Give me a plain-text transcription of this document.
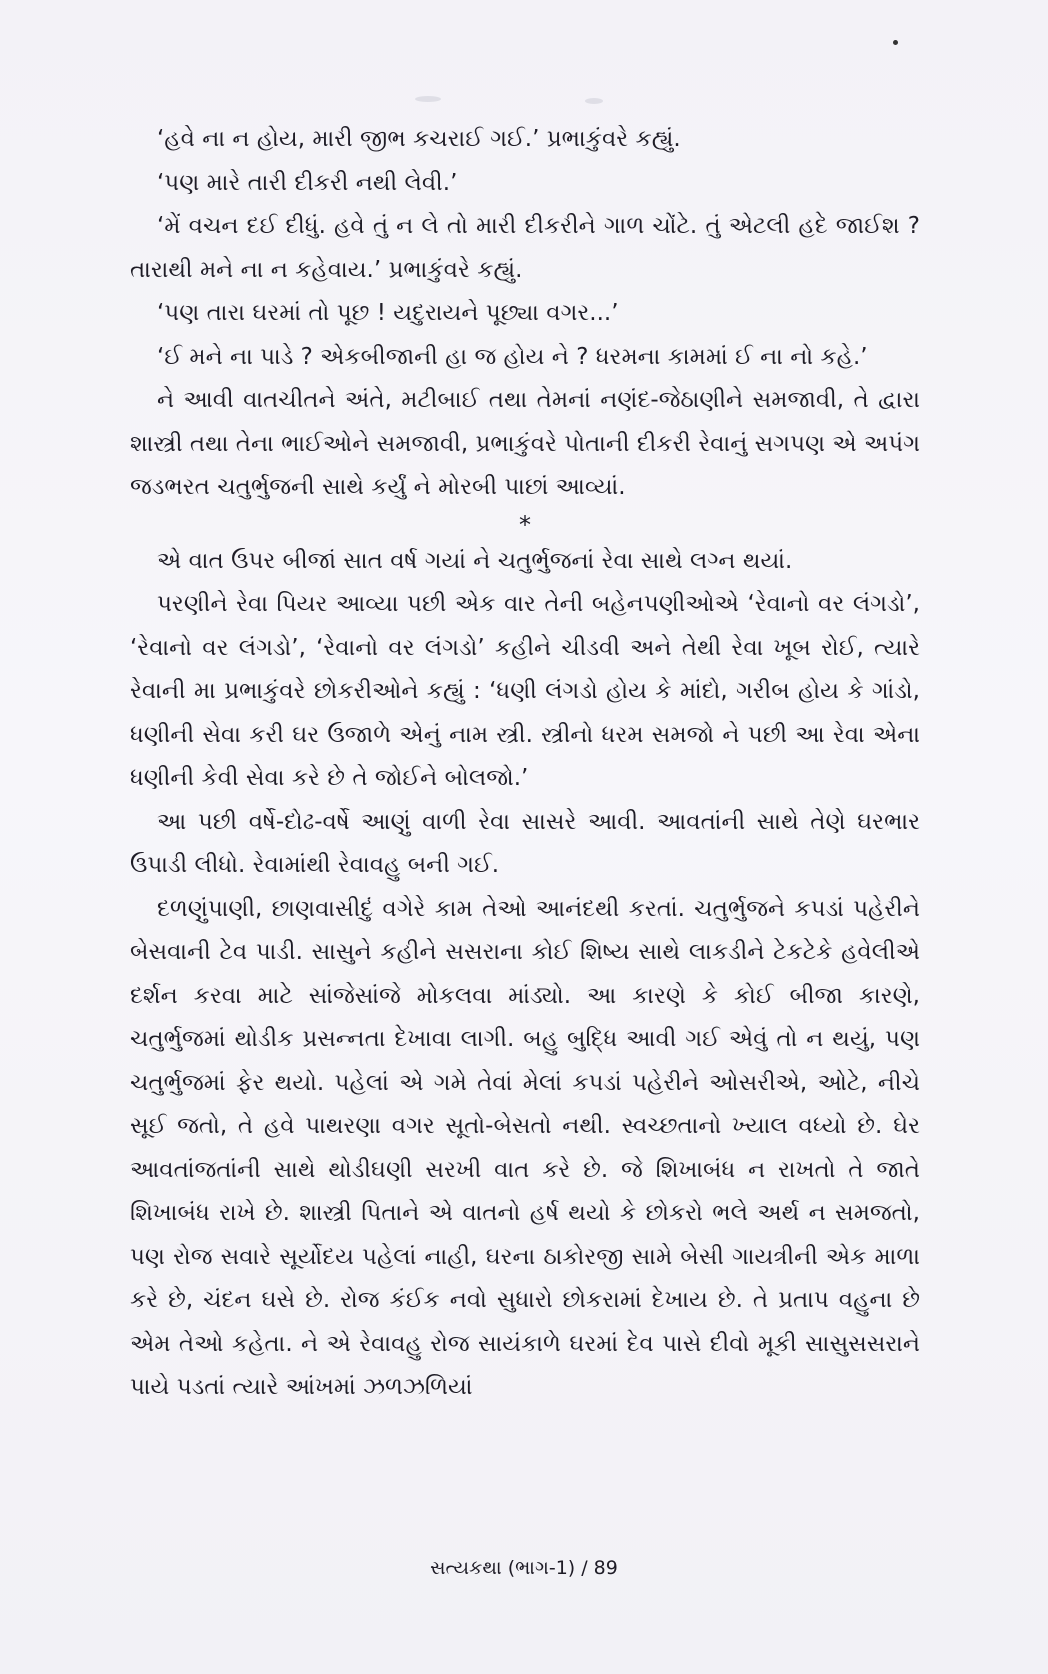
‘હવે ના ન હોય, મારી જીભ કચરાઈ ગઈ.’ પ્રભાકુંવરે કહ્યું.

‘પણ મારે તારી દીકરી નથી લેવી.’

‘મેં વચન દઈ દીધું. હવે તું ન લે તો મારી દીકરીને ગાળ ચોંટે. તું એટલી હદે જાઈશ ? તારાથી મને ના ન કહેવાય.’ પ્રભાકુંવરે કહ્યું.

‘પણ તારા ઘરમાં તો પૂછ ! યદુરાયને પૂછ્યા વગર...’

‘ઈ મને ના પાડે ? એકબીજાની હા જ હોય ને ? ધરમના કામમાં ઈ ના નો કહે.’

ને આવી વાતચીતને અંતે, મટીબાઈ તથા તેમનાં નણંદ-જેઠાણીને સમજાવી, તે દ્વારા શાસ્ત્રી તથા તેના ભાઈઓને સમજાવી, પ્રભાકુંવરે પોતાની દીકરી રેવાનું સગપણ એ અપંગ જડભરત ચતુર્ભુજની સાથે કર્યું ને મોરબી પાછાં આવ્યાં.

*

એ વાત ઉપર બીજાં સાત વર્ષ ગયાં ને ચતુર્ભુજનાં રેવા સાથે લગ્ન થયાં.

પરણીને રેવા પિયર આવ્યા પછી એક વાર તેની બહેનપણીઓએ ‘રેવાનો વર લંગડો’, ‘રેવાનો વર લંગડો’, ‘રેવાનો વર લંગડો’ કહીને ચીડવી અને તેથી રેવા ખૂબ રોઈ, ત્યારે રેવાની મા પ્રભાકુંવરે છોકરીઓને કહ્યું : ‘ધણી લંગડો હોય કે માંદો, ગરીબ હોય કે ગાંડો, ધણીની સેવા કરી ઘર ઉજાળે એનું નામ સ્ત્રી. સ્ત્રીનો ધરમ સમજો ને પછી આ રેવા એના ધણીની કેવી સેવા કરે છે તે જોઈને બોલજો.’

આ પછી વર્ષે-દોઢ-વર્ષે આણું વાળી રેવા સાસરે આવી. આવતાંની સાથે તેણે ઘરભાર ઉપાડી લીધો. રેવામાંથી રેવાવહુ બની ગઈ.

દળણુંપાણી, છાણવાસીદું વગેરે કામ તેઓ આનંદથી કરતાં. ચતુર્ભુજને કપડાં પહેરીને બેસવાની ટેવ પાડી. સાસુને કહીને સસરાના કોઈ શિષ્ય સાથે લાકડીને ટેકટેકે હવેલીએ દર્શન કરવા માટે સાંજેસાંજે મોકલવા માંડ્યો. આ કારણે કે કોઈ બીજા કારણે, ચતુર્ભુજમાં થોડીક પ્રસન્નતા દેખાવા લાગી. બહુ બુદ્ધિ આવી ગઈ એવું તો ન થયું, પણ ચતુર્ભુજમાં ફેર થયો. પહેલાં એ ગમે તેવાં મેલાં કપડાં પહેરીને ઓસરીએ, ઓટે, નીચે સૂઈ જતો, તે હવે પાથરણા વગર સૂતો-બેસતો નથી. સ્વચ્છતાનો ખ્યાલ વધ્યો છે. ઘેર આવતાંજતાંની સાથે થોડીઘણી સરખી વાત કરે છે. જે શિખાબંધ ન રાખતો તે જાતે શિખાબંધ રાખે છે. શાસ્ત્રી પિતાને એ વાતનો હર્ષ થયો કે છોકરો ભલે અર્થ ન સમજતો, પણ રોજ સવારે સૂર્યોદય પહેલાં નાહી, ઘરના ઠાકોરજી સામે બેસી ગાયત્રીની એક માળા કરે છે, ચંદન ઘસે છે. રોજ કંઈક નવો સુધારો છોકરામાં દેખાય છે. તે પ્રતાપ વહુના છે એમ તેઓ કહેતા. ને એ રેવાવહુ રોજ સાયંકાળે ઘરમાં દેવ પાસે દીવો મૂકી સાસુસસરાને પાયે પડતાં ત્યારે આંખમાં ઝળઝળિયાં

સત્યકથા (ભાગ-1) / 89
